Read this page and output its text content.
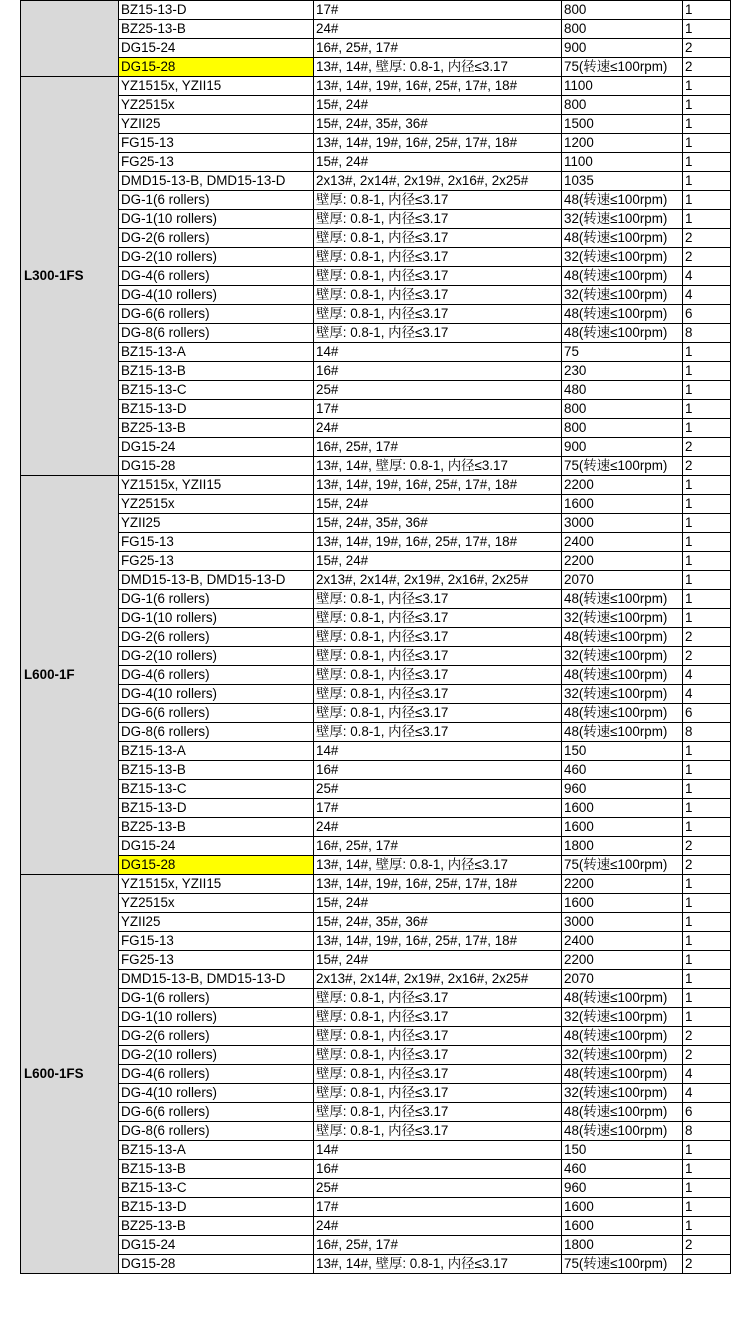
	BZ15-13-D	17#	800	1
	BZ25-13-B	24#	800	1
	DG15-24	16#, 25#, 17#	900	2
	DG15-28	13#, 14#, 壁厚: 0.8-1, 内径≤3.17	75(转速≤100rpm)	2
L300-1FS	YZ1515x, YZII15	13#, 14#, 19#, 16#, 25#, 17#, 18#	1100	1
	YZ2515x	15#, 24#	800	1
	YZII25	15#, 24#, 35#, 36#	1500	1
	FG15-13	13#, 14#, 19#, 16#, 25#, 17#, 18#	1200	1
	FG25-13	15#, 24#	1100	1
	DMD15-13-B, DMD15-13-D	2x13#, 2x14#, 2x19#, 2x16#, 2x25#	1035	1
	DG-1(6 rollers)	壁厚: 0.8-1, 内径≤3.17	48(转速≤100rpm)	1
	DG-1(10 rollers)	壁厚: 0.8-1, 内径≤3.17	32(转速≤100rpm)	1
	DG-2(6 rollers)	壁厚: 0.8-1, 内径≤3.17	48(转速≤100rpm)	2
	DG-2(10 rollers)	壁厚: 0.8-1, 内径≤3.17	32(转速≤100rpm)	2
	DG-4(6 rollers)	壁厚: 0.8-1, 内径≤3.17	48(转速≤100rpm)	4
	DG-4(10 rollers)	壁厚: 0.8-1, 内径≤3.17	32(转速≤100rpm)	4
	DG-6(6 rollers)	壁厚: 0.8-1, 内径≤3.17	48(转速≤100rpm)	6
	DG-8(6 rollers)	壁厚: 0.8-1, 内径≤3.17	48(转速≤100rpm)	8
	BZ15-13-A	14#	75	1
	BZ15-13-B	16#	230	1
	BZ15-13-C	25#	480	1
	BZ15-13-D	17#	800	1
	BZ25-13-B	24#	800	1
	DG15-24	16#, 25#, 17#	900	2
	DG15-28	13#, 14#, 壁厚: 0.8-1, 内径≤3.17	75(转速≤100rpm)	2
L600-1F	YZ1515x, YZII15	13#, 14#, 19#, 16#, 25#, 17#, 18#	2200	1
	YZ2515x	15#, 24#	1600	1
	YZII25	15#, 24#, 35#, 36#	3000	1
	FG15-13	13#, 14#, 19#, 16#, 25#, 17#, 18#	2400	1
	FG25-13	15#, 24#	2200	1
	DMD15-13-B, DMD15-13-D	2x13#, 2x14#, 2x19#, 2x16#, 2x25#	2070	1
	DG-1(6 rollers)	壁厚: 0.8-1, 内径≤3.17	48(转速≤100rpm)	1
	DG-1(10 rollers)	壁厚: 0.8-1, 内径≤3.17	32(转速≤100rpm)	1
	DG-2(6 rollers)	壁厚: 0.8-1, 内径≤3.17	48(转速≤100rpm)	2
	DG-2(10 rollers)	壁厚: 0.8-1, 内径≤3.17	32(转速≤100rpm)	2
	DG-4(6 rollers)	壁厚: 0.8-1, 内径≤3.17	48(转速≤100rpm)	4
	DG-4(10 rollers)	壁厚: 0.8-1, 内径≤3.17	32(转速≤100rpm)	4
	DG-6(6 rollers)	壁厚: 0.8-1, 内径≤3.17	48(转速≤100rpm)	6
	DG-8(6 rollers)	壁厚: 0.8-1, 内径≤3.17	48(转速≤100rpm)	8
	BZ15-13-A	14#	150	1
	BZ15-13-B	16#	460	1
	BZ15-13-C	25#	960	1
	BZ15-13-D	17#	1600	1
	BZ25-13-B	24#	1600	1
	DG15-24	16#, 25#, 17#	1800	2
	DG15-28	13#, 14#, 壁厚: 0.8-1, 内径≤3.17	75(转速≤100rpm)	2
L600-1FS	YZ1515x, YZII15	13#, 14#, 19#, 16#, 25#, 17#, 18#	2200	1
	YZ2515x	15#, 24#	1600	1
	YZII25	15#, 24#, 35#, 36#	3000	1
	FG15-13	13#, 14#, 19#, 16#, 25#, 17#, 18#	2400	1
	FG25-13	15#, 24#	2200	1
	DMD15-13-B, DMD15-13-D	2x13#, 2x14#, 2x19#, 2x16#, 2x25#	2070	1
	DG-1(6 rollers)	壁厚: 0.8-1, 内径≤3.17	48(转速≤100rpm)	1
	DG-1(10 rollers)	壁厚: 0.8-1, 内径≤3.17	32(转速≤100rpm)	1
	DG-2(6 rollers)	壁厚: 0.8-1, 内径≤3.17	48(转速≤100rpm)	2
	DG-2(10 rollers)	壁厚: 0.8-1, 内径≤3.17	32(转速≤100rpm)	2
	DG-4(6 rollers)	壁厚: 0.8-1, 内径≤3.17	48(转速≤100rpm)	4
	DG-4(10 rollers)	壁厚: 0.8-1, 内径≤3.17	32(转速≤100rpm)	4
	DG-6(6 rollers)	壁厚: 0.8-1, 内径≤3.17	48(转速≤100rpm)	6
	DG-8(6 rollers)	壁厚: 0.8-1, 内径≤3.17	48(转速≤100rpm)	8
	BZ15-13-A	14#	150	1
	BZ15-13-B	16#	460	1
	BZ15-13-C	25#	960	1
	BZ15-13-D	17#	1600	1
	BZ25-13-B	24#	1600	1
	DG15-24	16#, 25#, 17#	1800	2
	DG15-28	13#, 14#, 壁厚: 0.8-1, 内径≤3.17	75(转速≤100rpm)	2
